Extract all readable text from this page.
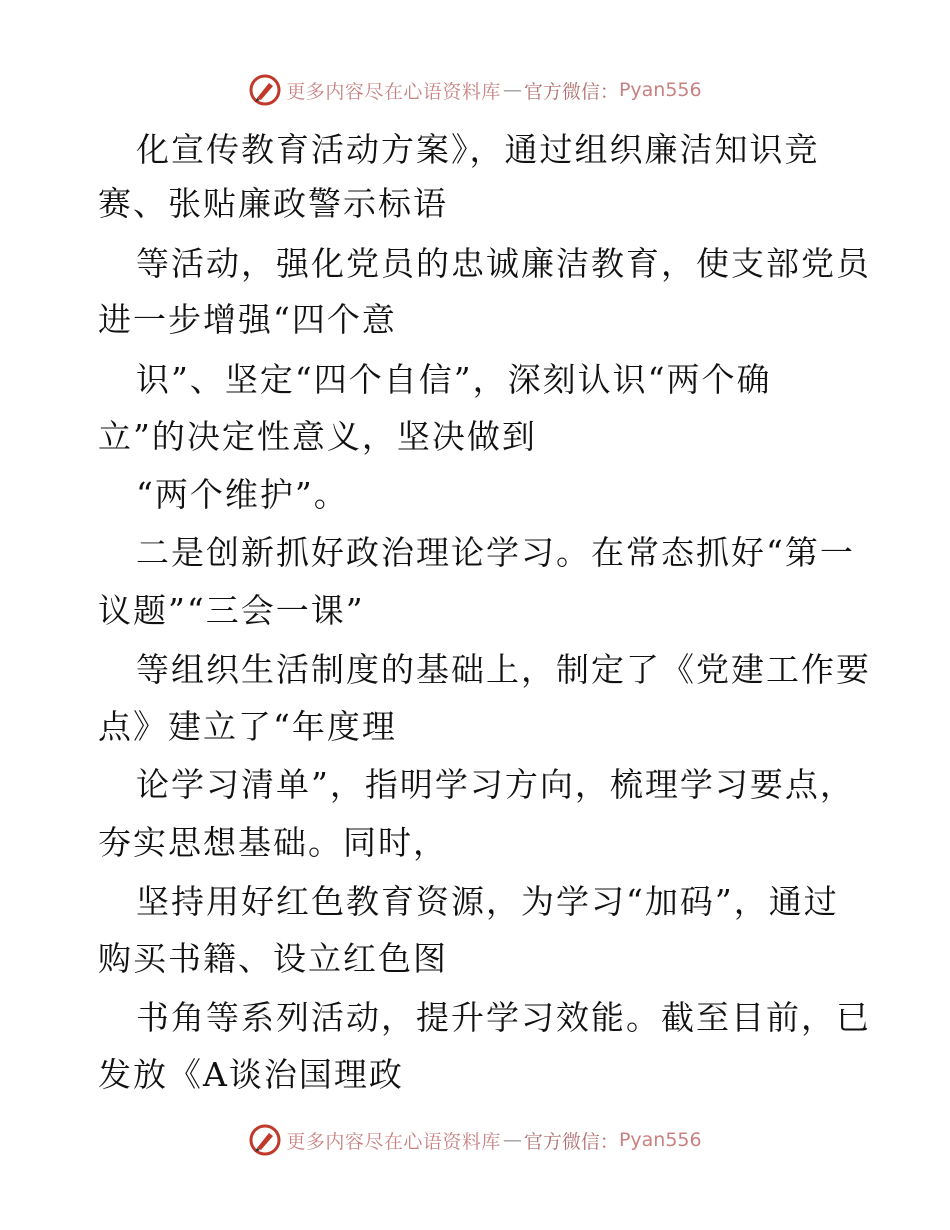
更多内容尽在心语资料库 — 官方微信： Pyan556
化宣传教育活动方案》，通过组织廉洁知识竞
赛、张贴廉政警示标语
等活动，强化党员的忠诚廉洁教育，使支部党员
进一步增强“四个意
识”、坚定“四个自信”，深刻认识“两个确
立”的决定性意义，坚决做到
“两个维护”。
二是创新抓好政治理论学习。在常态抓好“第一
议题”“三会一课”
等组织生活制度的基础上，制定了《党建工作要
点》建立了“年度理
论学习清单”，指明学习方向，梳理学习要点，
夯实思想基础。同时，
坚持用好红色教育资源，为学习“加码”，通过
购买书籍、设立红色图
书角等系列活动，提升学习效能。截至目前，已
发放《A谈治国理政
更多内容尽在心语资料库 — 官方微信： Pyan556
